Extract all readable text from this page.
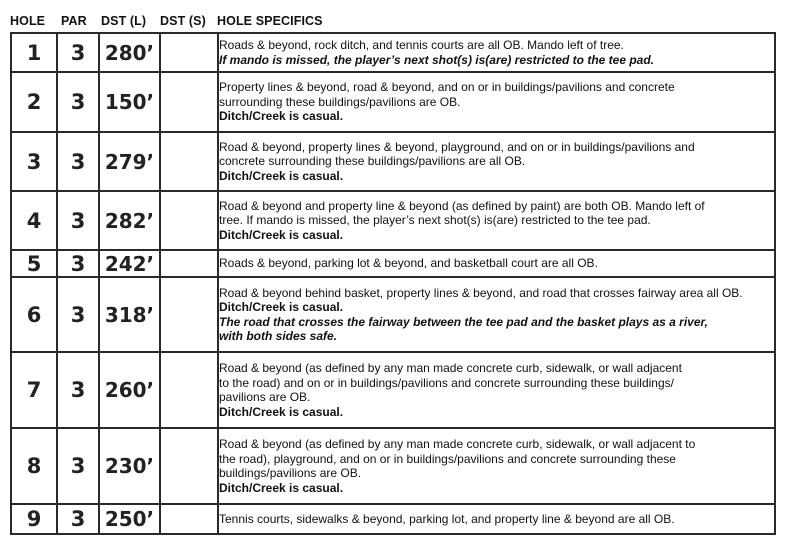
HOLE PAR DST (L) DST (S) HOLE SPECIFICS
1	3	280’		Roads & beyond, rock ditch, and tennis courts are all OB. Mando left of tree.
If mando is missed, the player’s next shot(s) is(are) restricted to the tee pad.

2	3	150’		Property lines & beyond, road & beyond, and on or in buildings/pavilions and concrete
surrounding these buildings/pavilions are OB.
Ditch/Creek is casual.

3	3	279’		Road & beyond, property lines & beyond, playground, and on or in buildings/pavilions and
concrete surrounding these buildings/pavilions are all OB.
Ditch/Creek is casual.

4	3	282’		Road & beyond and property line & beyond (as defined by paint) are both OB. Mando left of
tree. If mando is missed, the player’s next shot(s) is(are) restricted to the tee pad.
Ditch/Creek is casual.

5	3	242’		Roads & beyond, parking lot & beyond, and basketball court are all OB.

6	3	318’		Road & beyond behind basket, property lines & beyond, and road that crosses fairway area all OB.
Ditch/Creek is casual.
The road that crosses the fairway between the tee pad and the basket plays as a river,
with both sides safe.

7	3	260’		Road & beyond (as defined by any man made concrete curb, sidewalk, or wall adjacent
to the road) and on or in buildings/pavilions and concrete surrounding these buildings/
pavilions are OB.
Ditch/Creek is casual.

8	3	230’		Road & beyond (as defined by any man made concrete curb, sidewalk, or wall adjacent to
the road), playground, and on or in buildings/pavilions and concrete surrounding these
buildings/pavilions are OB.
Ditch/Creek is casual.

9	3	250’		Tennis courts, sidewalks & beyond, parking lot, and property line & beyond are all OB.
